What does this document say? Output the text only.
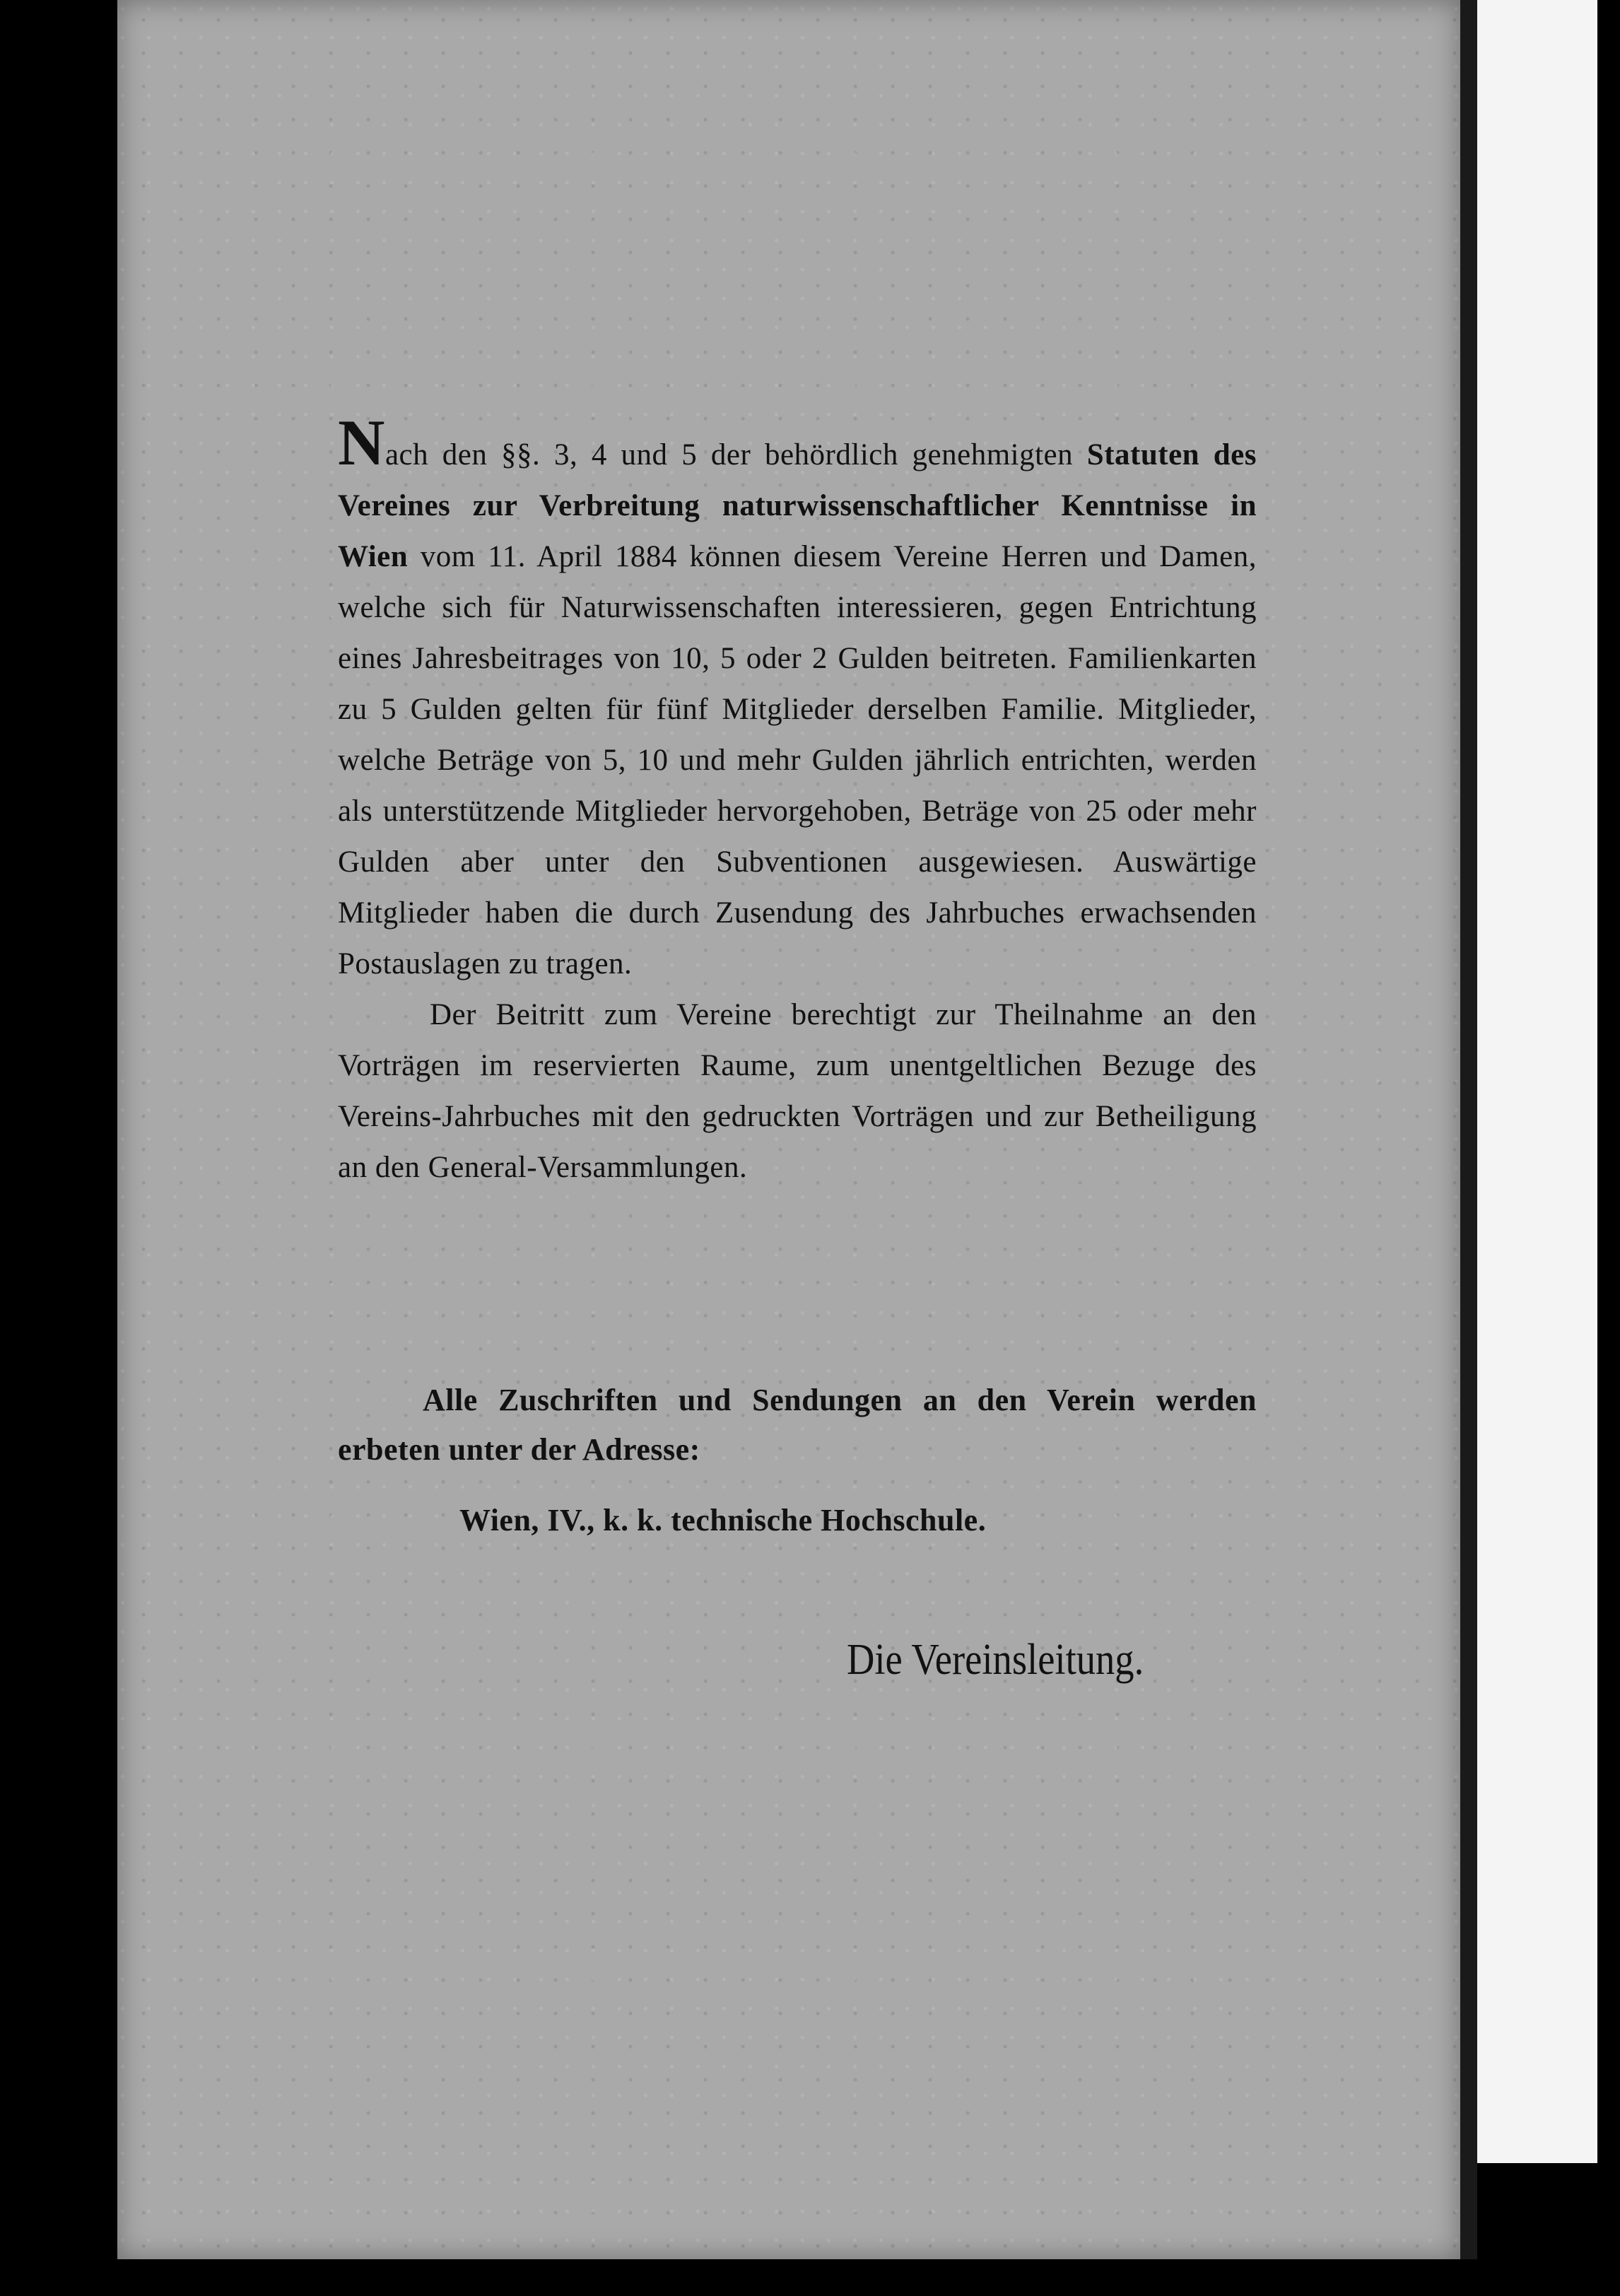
Nach den §§. 3, 4 und 5 der behördlich genehmigten Statuten des Vereines zur Verbreitung naturwissenschaftlicher Kenntnisse in Wien vom 11. April 1884 können diesem Vereine Herren und Damen, welche sich für Naturwissenschaften interessieren, gegen Entrichtung eines Jahresbeitrages von 10, 5 oder 2 Gulden beitreten. Familienkarten zu 5 Gulden gelten für fünf Mitglieder derselben Familie. Mitglieder, welche Beträge von 5, 10 und mehr Gulden jährlich entrichten, werden als unterstützende Mitglieder hervorgehoben, Beträge von 25 oder mehr Gulden aber unter den Subventionen ausgewiesen. Auswärtige Mitglieder haben die durch Zusendung des Jahrbuches erwachsenden Postauslagen zu tragen.

Der Beitritt zum Vereine berechtigt zur Theilnahme an den Vorträgen im reservierten Raume, zum unentgeltlichen Bezuge des Vereins-Jahrbuches mit den gedruckten Vorträgen und zur Betheiligung an den General-Versammlungen.

Alle Zuschriften und Sendungen an den Verein werden erbeten unter der Adresse:

Wien, IV., k. k. technische Hochschule.
Die Vereinsleitung.
